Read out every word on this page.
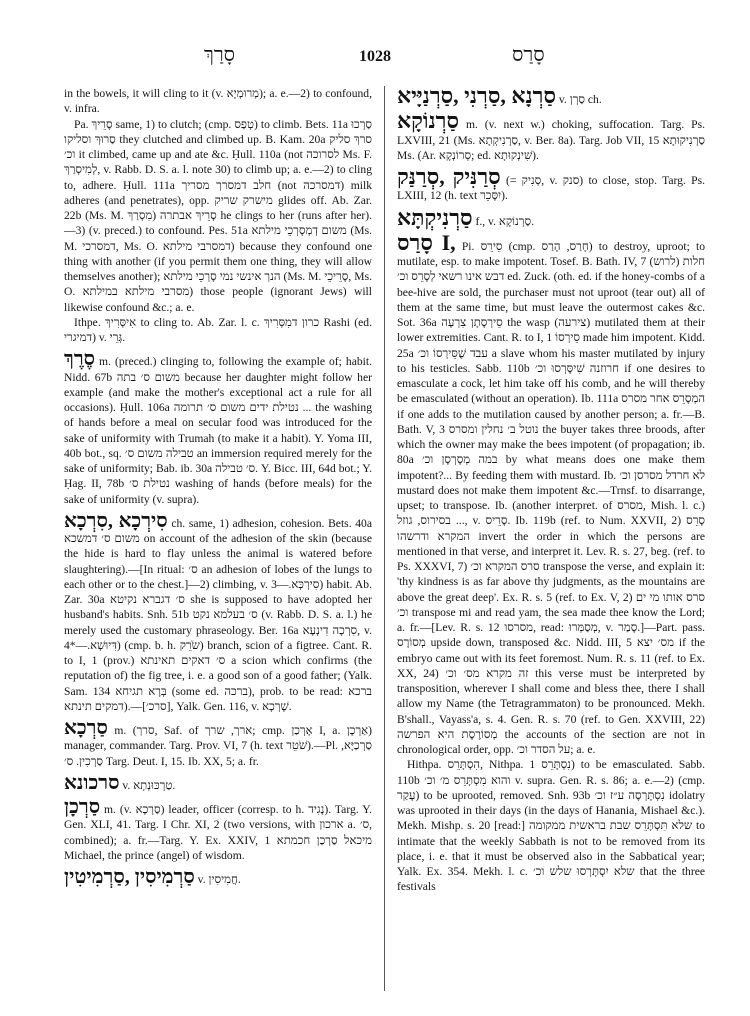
סָרַךְ	1028	סָרַס

in the bowels, it will cling to it (v. מְרוּמְיָא); a. e.—2) to confound, v. infra.

Pa. סָרֵיךְ same, 1) to clutch; (cmp. טְפַס) to climb. Bets. 11a סַרְכוּ סַרוּךְ וסליקו they clutched and climbed up. B. Kam. 20a סרךְ סליק וכ׳ it climbed, came up and ate &c. Ḥull. 110a (not לסרוכה Ms. F. לְמִיסְרַךְ, v. Rabb. D. S. a. l. note 30) to climb up; a. e.—2) to cling to, adhere. Ḥull. 111a חלב דמסרך מסריך (not דמסרכה) milk adheres (and penetrates), opp. מישרק שריק glides off. Ab. Zar. 22b (Ms. M. מִסְרַךְ) סָרֵיךְ אבתרה he clings to her (runs after her).—3) (v. preced.) to confound. Pes. 51a משום דְמְסָרְכֵי מילתא (Ms. M. דמסרכי, Ms. O. דמסרבי מילתא) because they confound one thing with another (if you permit them one thing, they will allow themselves another); הנך אינשי נמי סָרְכֵי מילתא (Ms. M. סָרֵיכֵי, Ms. O. מסרבי מילתא במילתא) those people (ignorant Jews) will likewise confound &c.; a. e.
Ithpe. אִיסְּרִיךְ to cling to. Ab. Zar. l. c. כרון דמִסְּרִיךְ Rashi (ed. דמיגרי) v. גְּרֵי.
סֶרֶךְ m. (preced.) clinging to, following the example of; habit. Nidd. 67b משום ס׳ בתה because her daughter might follow her example (and make the mother's exceptional act a rule for all occasions). Ḥull. 106a נטילת ידים משום ס׳ תרומה ... the washing of hands before a meal on secular food was introduced for the sake of uniformity with Trumah (to make it a habit). Y. Yoma III, 40b bot., sq. טבילה משום ס׳ an immersion required merely for the sake of uniformity; Bab. ib. 30a ס׳ טבילה. Y. Bicc. III, 64d bot.; Y. Ḥag. II, 78b נטילת ס׳ washing of hands (before meals) for the sake of uniformity (v. supra).

סִירְכָא ,סִרְכָא ch. same, 1) adhesion, cohesion. Bets. 40a משום ס׳ דמשכא on account of the adhesion of the skin (because the hide is hard to flay unless the animal is watered before slaughtering).—[In ritual: ס׳ an adhesion of lobes of the lungs to each other or to the chest.]—2) climbing, v. סִירְכְּא.—3) habit. Ab. Zar. 30a ס׳ דגברא נקיטא she is supposed to have adopted her husband's habits. Snh. 51b ס׳ בעלמא נקט (v. Rabb. D. S. a. l.) he merely used the customary phraseology. Ber. 16a סִרְכָה דִינְעָא, v. דִּיוּשְׁא.—*4) (cmp. b. h. שֹׂרֵק) branch, scion of a figtree. Cant. R. to I, 1 (prov.) ס׳ דאקים תאינתא a scion which confirms (the reputation of) the fig tree, i. e. a good son of a good father; (Yalk. Sam. 134 בְּרָא תגיחא (some ed. ברכה), prob. to be read: ברכא דמקים תינתא).—[סרכ׳], Yalk. Gen. 116, v. שָׁרְכָא.

סַרְכָא m. (סרך, Saf. of ארך, שרך; cmp. אָרְכַן I, a. אַרְכָן) manager, commander. Targ. Prov. VI, 7 (h. text שֹׁטֵר).—Pl. סַרְכַיָּא, סַרְכִין. ס׳ Targ. Deut. I, 15. Ib. XX, 5; a. fr.

סרכונא v. טַרְכּוּנְתָא.

סַרְכָן m. (v. סַרְכָא) leader, officer (corresp. to h. נָגִיד). Targ. Y. Gen. XLI, 41. Targ. I Chr. XI, 2 (two versions, with ארכון a. ס׳, combined); a. fr.—Targ. Y. Ex. XXIV, 1 מיכאל סַרְכַן חכמתא Michael, the prince (angel) of wisdom.

סַרְמִיסִין ,סַרְמִיטִין v. חֲמִיסִין.

סַרְנָא ,סַרְנִי ,סַרְנַיָּיא v. סַרְן ch.

סַרְנוֹקָא m. (v. next w.) choking, suffocation. Targ. Ps. LXVIII, 21 (Ms. סַרְנִיקְתָא, v. Ber. 8a). Targ. Job VII, 15 סַרְנִיקוּתָא Ms. (Ar. סְרוֹנְקָא; ed. שִׁינְקוּתָא).

סְרַנִּיק ,סְרַנַּק (= סְנִיק, v. סנק) to close, stop. Targ. Ps. LXIII, 12 (h. text יִסָּכֵר).

סַרְנִיקְתָּא f., v. סַרְנוֹקָא.

סָרַס I, Pi. סֵירֵס (cmp. חָרַס, הָרַס) to destroy, uproot; to mutilate, esp. to make impotent. Tosef. B. Bath. IV, 7 (לרוש) חלות דבש אינו רשאי לְסָרֵס וכ׳ ed. Zuck. (oth. ed. if the honey-combs of a bee-hive are sold, the purchaser must not uproot (tear out) all of them at the same time, but must leave the outermost cakes &c. Sot. 36a סֵירְסָתָן צִרְעָה the wasp (צירעה) mutilated them at their lower extremities. Cant. R. to I, 1 סֵירְסוֹ made him impotent. Kidd. 25a עבד שֶׁסֵּירְסוֹ וכ׳ a slave whom his master mutilated by injury to his testicles. Sabb. 110b חרוזנה שִׁיסָּרְסוּ וכ׳ if one desires to emasculate a cock, let him take off his comb, and he will thereby be emasculated (without an operation). Ib. 111a המְסָרֵס אחר מסרס if one adds to the mutilation caused by another person; a. fr.—B. Bath. V, 3 נוטל ב׳ נחלין ומסרס the buyer takes three broods, after which the owner may make the bees impotent (of propagation; ib. 80a במה מְסָרְסָן וכ׳ by what means does one make them impotent?... By feeding them with mustard. Ib. לא חרדל מסרסן וכ׳ mustard does not make them impotent &c.—Trnsf. to disarrange, upset; to transpose. Ib. (another interpret. of מסרס, Mish. l. c.) בסירוס, גוזל ..., v. סָרֵיס. Ib. 119b (ref. to Num. XXVII, 2) סָרֵס המקרא ודרשהו invert the order in which the persons are mentioned in that verse, and interpret it. Lev. R. s. 27, beg. (ref. to Ps. XXXVI, 7) סרס המקרא וכ׳ transpose the verse, and explain it: 'thy kindness is as far above thy judgments, as the mountains are above the great deep'. Ex. R. s. 5 (ref. to Ex. V, 2) סרס אותו מי ים וכ׳ transpose mi and read yam, the sea made thee know the Lord; a. fr.—[Lev. R. s. 12 מסרסו, read: מְסַמְּרוּ, v. סָמַר.]—Part. pass. מְסוֹרָס upside down, transposed &c. Nidd. III, 5 מס׳ יצא if the embryo came out with its feet foremost. Num. R. s. 11 (ref. to Ex. XX, 24) זה מקרא מס׳ וכ׳ this verse must be interpreted by transposition, wherever I shall come and bless thee, there I shall allow my Name (the Tetragrammaton) to be pronounced. Mekh. B'shall., Vayass'a, s. 4. Gen. R. s. 70 (ref. to Gen. XXVIII, 22) מְסוֹרֶסֶת היא הפרשה the accounts of the section are not in chronological order, opp. על הסדר וכ׳; a. e.

Hithpa. הִסְתָּרֵס, Nithpa. נִסְתָּרֵס 1) to be emasculated. Sabb. 110b והוא מִסְתָּרֵס מ׳ וכ׳ v. supra. Gen. R. s. 86; a. e.—2) (cmp. עָקַר) to be uprooted, removed. Snh. 93b נִסְתָּרְסָה ע״ז וכ׳ idolatry was uprooted in their days (in the days of Hanania, Mishael &c.). Mekh. Mishp. s. 20 [read:] שלא תִּסְתָּרֵס שבת בראשית ממקומה to intimate that the weekly Sabbath is not to be removed from its place, i. e. that it must be observed also in the Sabbatical year; Yalk. Ex. 354. Mekh. l. c. שלא יִסְתָּרְסוּ שלש וכ׳ that the three festivals
